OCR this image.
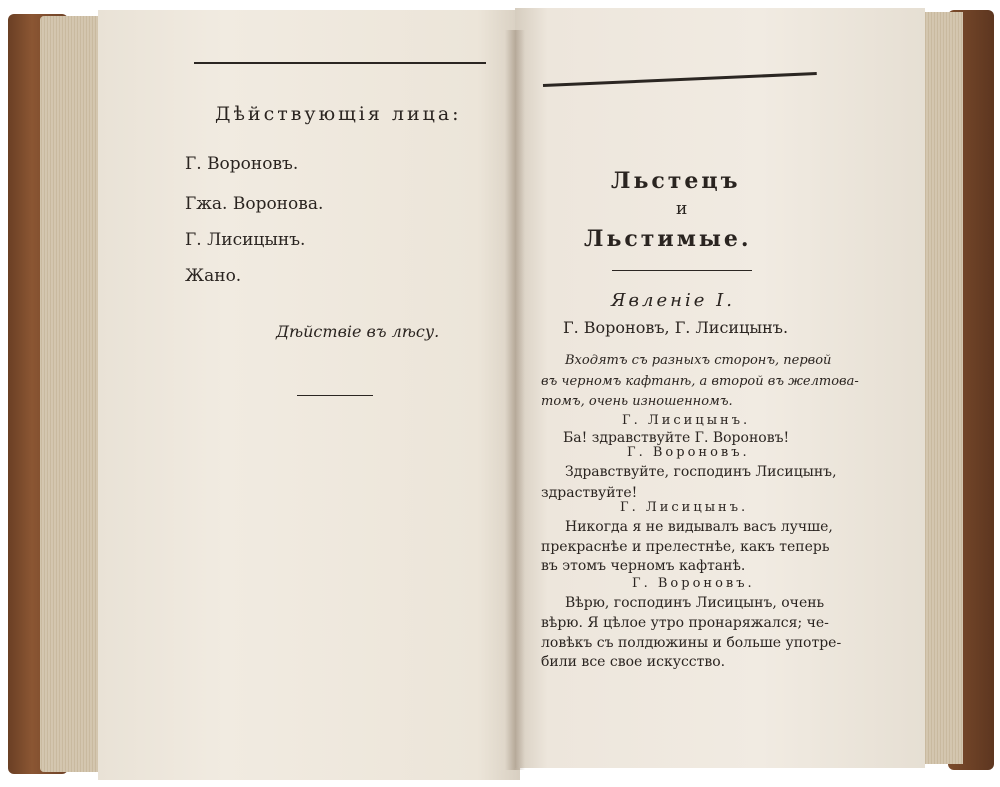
Дѣйствующія лица:
Г. Вороновъ.
Гжа. Воронова.
Г. Лисицынъ.
Жано.
Дѣйствіе въ лѣсу.
Льстецъ
и
Льстимые.
Явленіе I.
Г. Вороновъ, Г. Лисицынъ.
Входятъ съ разныхъ сторонъ, первой
въ черномъ кафтанѣ, а второй въ желтова-
томъ, очень изношенномъ.
Г. Лисицынъ.
Ба! здравствуйте Г. Вороновъ!
Г. Вороновъ.
Здравствуйте, господинъ Лисицынъ,
здраствуйте!
Г. Лисицынъ.
Никогда я не видывалъ васъ лучше,
прекраснѣе и прелестнѣе, какъ теперь
въ этомъ черномъ кафтанѣ.
Г. Вороновъ.
Вѣрю, господинъ Лисицынъ, очень
вѣрю. Я цѣлое утро пронаряжался; че-
ловѣкъ съ полдюжины и больше употре-
били все свое искусство.
